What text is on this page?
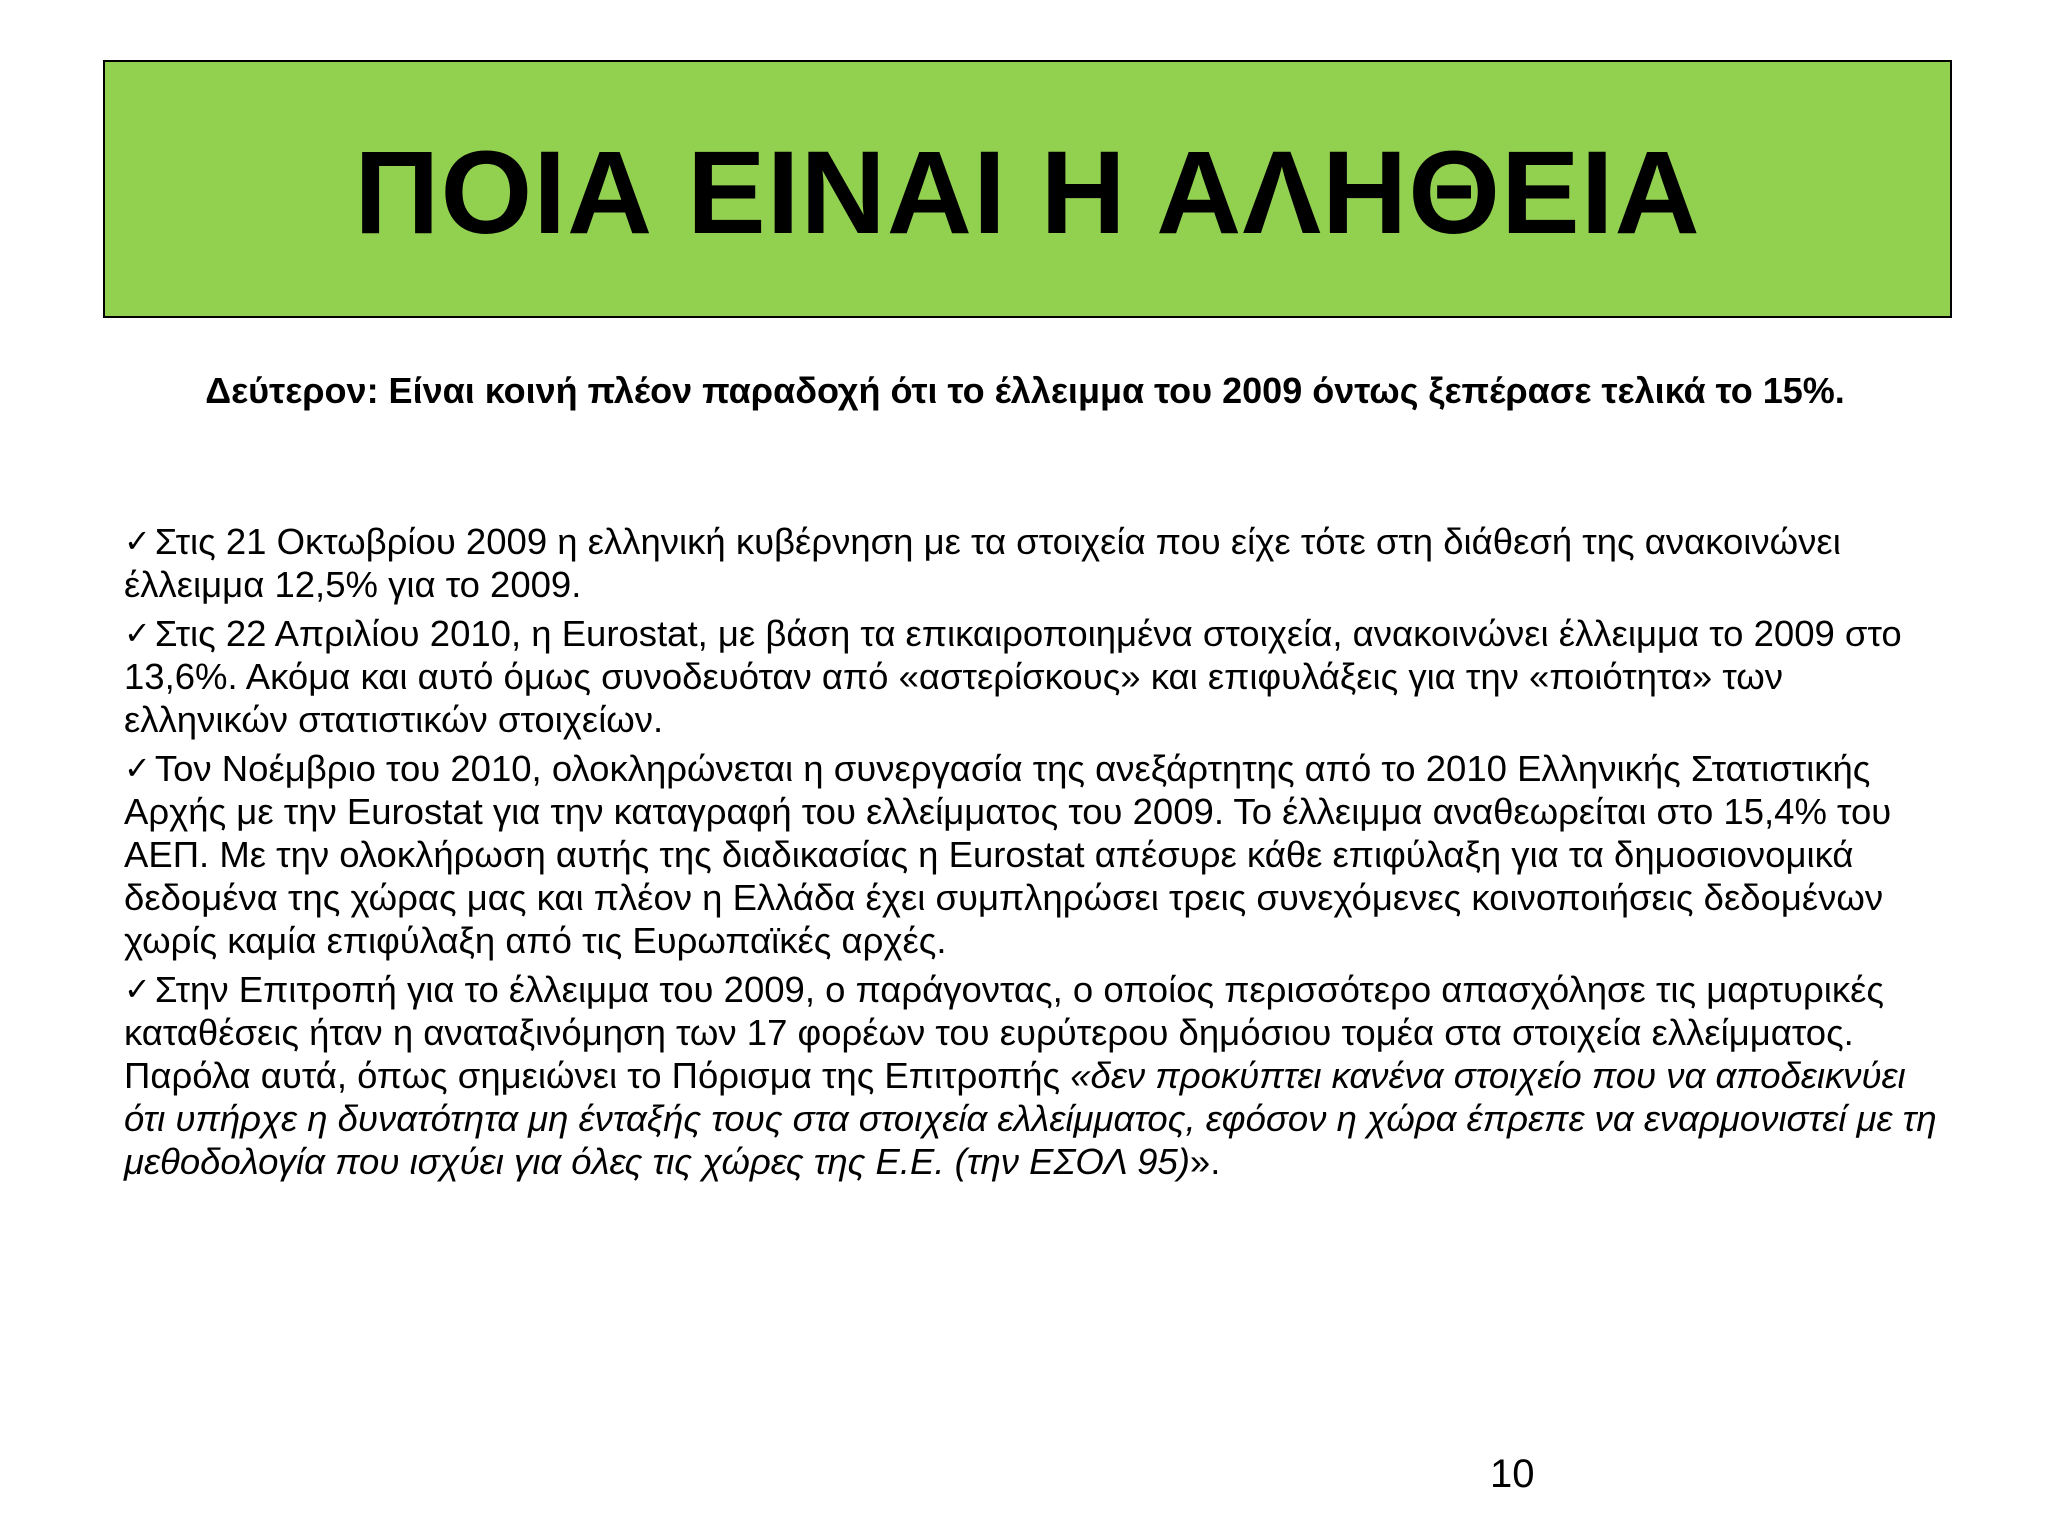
ΠΟΙΑ ΕΙΝΑΙ Η ΑΛΗΘΕΙΑ

Δεύτερον: Είναι κοινή πλέον παραδοχή ότι το έλλειμμα του 2009 όντως ξεπέρασε τελικά το 15%.

✓ Στις 21 Οκτωβρίου 2009 η ελληνική κυβέρνηση με τα στοιχεία που είχε τότε στη διάθεσή της ανακοινώνει έλλειμμα 12,5% για το 2009.
✓ Στις 22 Απριλίου 2010, η Eurostat, με βάση τα επικαιροποιημένα στοιχεία, ανακοινώνει έλλειμμα το 2009 στο 13,6%. Ακόμα και αυτό όμως συνοδευόταν από «αστερίσκους» και επιφυλάξεις για την «ποιότητα» των ελληνικών στατιστικών στοιχείων.
✓ Τον Νοέμβριο του 2010, ολοκληρώνεται η συνεργασία της ανεξάρτητης από το 2010 Ελληνικής Στατιστικής Αρχής με την Eurostat για την καταγραφή του ελλείμματος του 2009. Το έλλειμμα αναθεωρείται στο 15,4% του ΑΕΠ. Με την ολοκλήρωση αυτής της διαδικασίας η Eurostat απέσυρε κάθε επιφύλαξη για τα δημοσιονομικά δεδομένα της χώρας μας και πλέον η Ελλάδα έχει συμπληρώσει τρεις συνεχόμενες κοινοποιήσεις δεδομένων χωρίς καμία επιφύλαξη από τις Ευρωπαϊκές αρχές.
✓ Στην Επιτροπή για το έλλειμμα του 2009, ο παράγοντας, ο οποίος περισσότερο απασχόλησε τις μαρτυρικές καταθέσεις ήταν η αναταξινόμηση των 17 φορέων του ευρύτερου δημόσιου τομέα στα στοιχεία ελλείμματος. Παρόλα αυτά, όπως σημειώνει το Πόρισμα της Επιτροπής «δεν προκύπτει κανένα στοιχείο που να αποδεικνύει ότι υπήρχε η δυνατότητα μη ένταξής τους στα στοιχεία ελλείμματος, εφόσον η χώρα έπρεπε να εναρμονιστεί με τη μεθοδολογία που ισχύει για όλες τις χώρες της Ε.Ε. (την ΕΣΟΛ 95)».

10
